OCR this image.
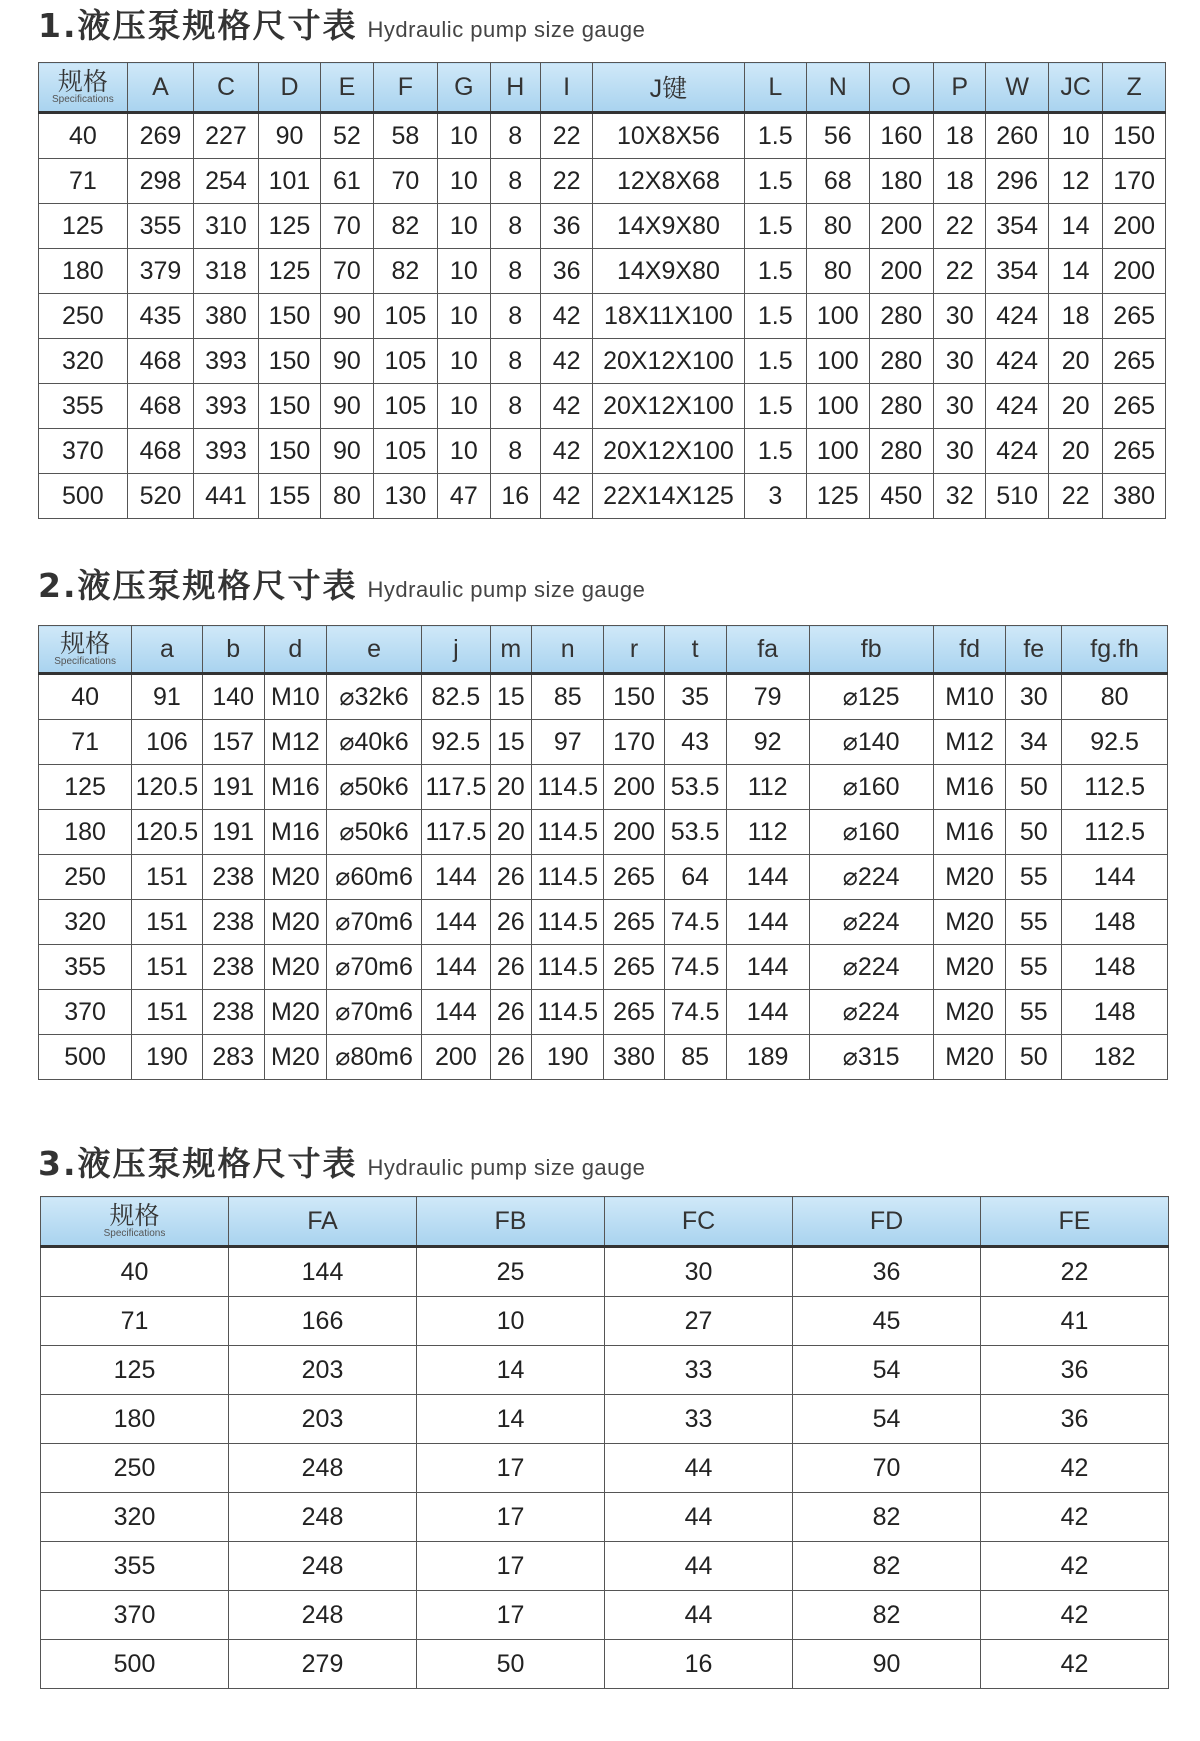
1.液压泵规格尺寸表 Hydraulic pump size gauge
规格
Specifications	A	C	D	E	F	G	H	I	J键	L	N	O	P	W	JC	Z
40	269	227	90	52	58	10	8	22	10X8X56	1.5	56	160	18	260	10	150
71	298	254	101	61	70	10	8	22	12X8X68	1.5	68	180	18	296	12	170
125	355	310	125	70	82	10	8	36	14X9X80	1.5	80	200	22	354	14	200
180	379	318	125	70	82	10	8	36	14X9X80	1.5	80	200	22	354	14	200
250	435	380	150	90	105	10	8	42	18X11X100	1.5	100	280	30	424	18	265
320	468	393	150	90	105	10	8	42	20X12X100	1.5	100	280	30	424	20	265
355	468	393	150	90	105	10	8	42	20X12X100	1.5	100	280	30	424	20	265
370	468	393	150	90	105	10	8	42	20X12X100	1.5	100	280	30	424	20	265
500	520	441	155	80	130	47	16	42	22X14X125	3	125	450	32	510	22	380
2.液压泵规格尺寸表 Hydraulic pump size gauge
规格
Specifications	a	b	d	e	j	m	n	r	t	fa	fb	fd	fe	fg.fh
40	91	140	M10	⌀32k6	82.5	15	85	150	35	79	⌀125	M10	30	80
71	106	157	M12	⌀40k6	92.5	15	97	170	43	92	⌀140	M12	34	92.5
125	120.5	191	M16	⌀50k6	117.5	20	114.5	200	53.5	112	⌀160	M16	50	112.5
180	120.5	191	M16	⌀50k6	117.5	20	114.5	200	53.5	112	⌀160	M16	50	112.5
250	151	238	M20	⌀60m6	144	26	114.5	265	64	144	⌀224	M20	55	144
320	151	238	M20	⌀70m6	144	26	114.5	265	74.5	144	⌀224	M20	55	148
355	151	238	M20	⌀70m6	144	26	114.5	265	74.5	144	⌀224	M20	55	148
370	151	238	M20	⌀70m6	144	26	114.5	265	74.5	144	⌀224	M20	55	148
500	190	283	M20	⌀80m6	200	26	190	380	85	189	⌀315	M20	50	182
3.液压泵规格尺寸表 Hydraulic pump size gauge
规格
Specifications	FA	FB	FC	FD	FE
40	144	25	30	36	22
71	166	10	27	45	41
125	203	14	33	54	36
180	203	14	33	54	36
250	248	17	44	70	42
320	248	17	44	82	42
355	248	17	44	82	42
370	248	17	44	82	42
500	279	50	16	90	42
